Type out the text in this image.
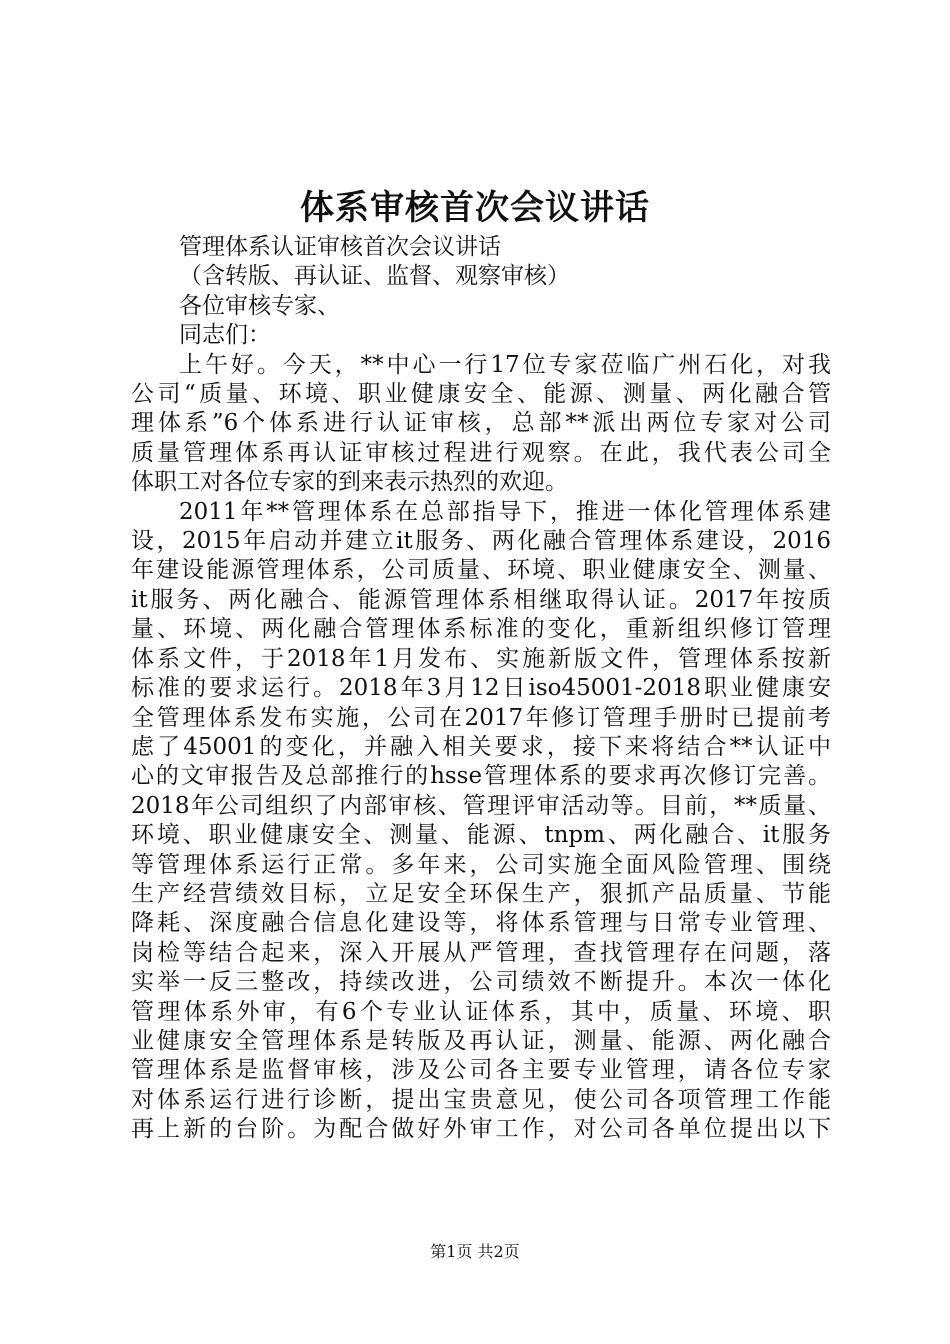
体系审核首次会议讲话
管理体系认证审核首次会议讲话
（含转版、再认证、监督、观察审核）
各位审核专家、
同志们：
上午好。今天，**中心一行17位专家莅临广州石化，对我
公司“质量、环境、职业健康安全、能源、测量、两化融合管
理体系”6个体系进行认证审核，总部**派出两位专家对公司
质量管理体系再认证审核过程进行观察。在此，我代表公司全
体职工对各位专家的到来表示热烈的欢迎。
2011年**管理体系在总部指导下，推进一体化管理体系建
设，2015年启动并建立it服务、两化融合管理体系建设，2016
年建设能源管理体系，公司质量、环境、职业健康安全、测量、
it服务、两化融合、能源管理体系相继取得认证。2017年按质
量、环境、两化融合管理体系标准的变化，重新组织修订管理
体系文件，于2018年1月发布、实施新版文件，管理体系按新
标准的要求运行。2018年3月12日iso45001-2018职业健康安
全管理体系发布实施，公司在2017年修订管理手册时已提前考
虑了45001的变化，并融入相关要求，接下来将结合**认证中
心的文审报告及总部推行的hsse管理体系的要求再次修订完善。
2018年公司组织了内部审核、管理评审活动等。目前，**质量、
环境、职业健康安全、测量、能源、tnpm、两化融合、it服务
等管理体系运行正常。多年来，公司实施全面风险管理、围绕
生产经营绩效目标，立足安全环保生产，狠抓产品质量、节能
降耗、深度融合信息化建设等，将体系管理与日常专业管理、
岗检等结合起来，深入开展从严管理，查找管理存在问题，落
实举一反三整改，持续改进，公司绩效不断提升。本次一体化
管理体系外审，有6个专业认证体系，其中，质量、环境、职
业健康安全管理体系是转版及再认证，测量、能源、两化融合
管理体系是监督审核，涉及公司各主要专业管理，请各位专家
对体系运行进行诊断，提出宝贵意见，使公司各项管理工作能
再上新的台阶。为配合做好外审工作，对公司各单位提出以下
第1页 共2页
